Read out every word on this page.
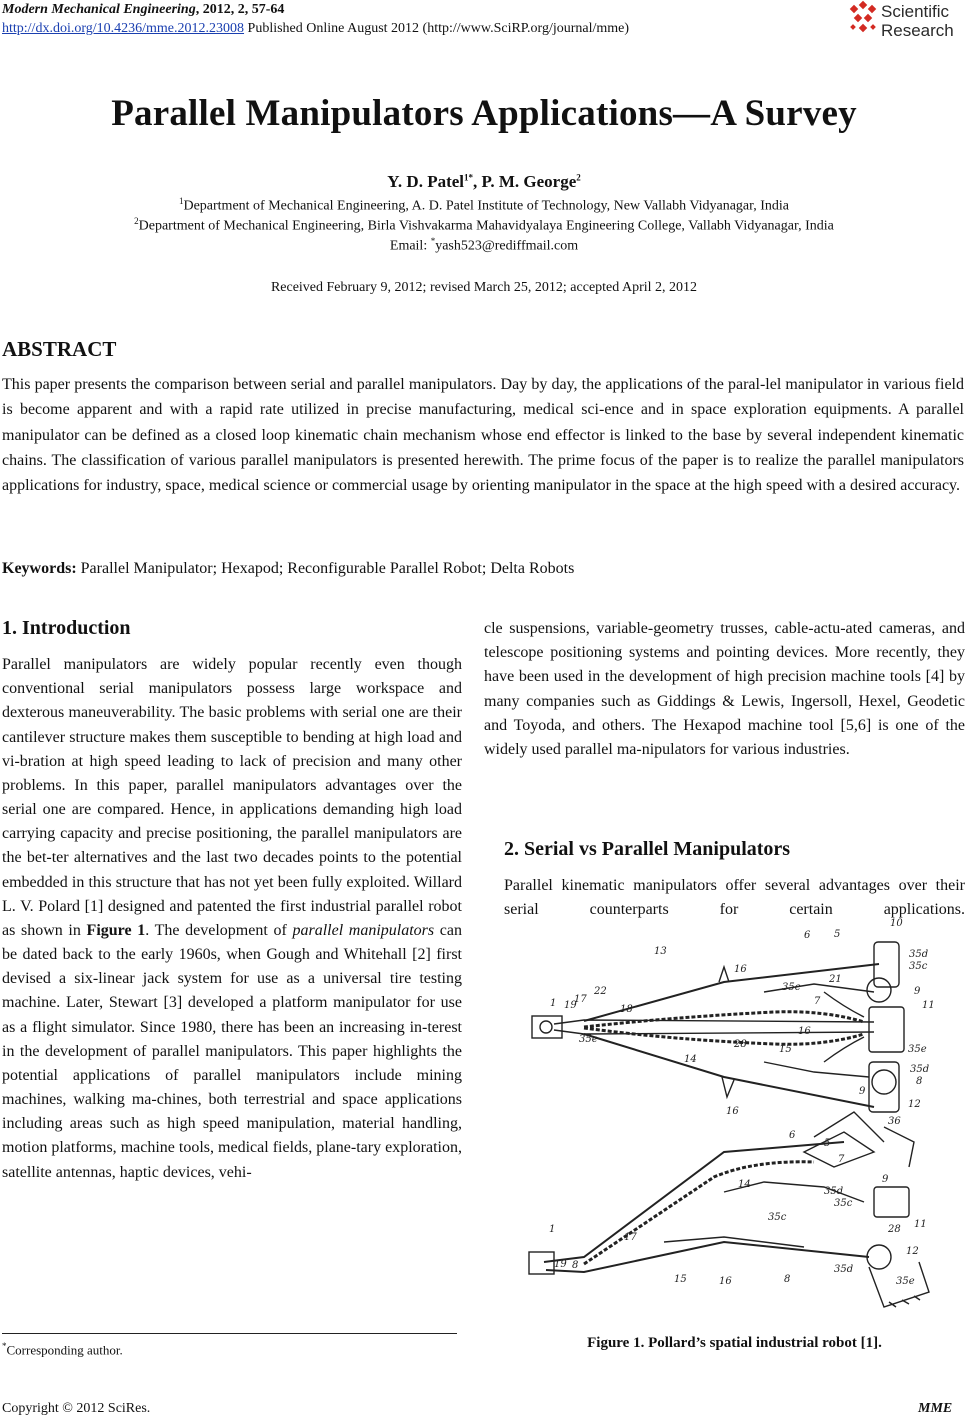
Modern Mechanical Engineering, 2012, 2, 57-64
http://dx.doi.org/10.4236/mme.2012.23008 Published Online August 2012 (http://www.SciRP.org/journal/mme)
Scientific
Research
Parallel Manipulators Applications—A Survey
Y. D. Patel$^{1*}$, P. M. George$^2$
$^1$Department of Mechanical Engineering, A. D. Patel Institute of Technology, New Vallabh Vidyanagar, India
$^2$Department of Mechanical Engineering, Birla Vishvakarma Mahavidyalaya Engineering College, Vallabh Vidyanagar, India
Email: *yash523@rediffmail.com
Received February 9, 2012; revised March 25, 2012; accepted April 2, 2012
ABSTRACT
This paper presents the comparison between serial and parallel manipulators. Day by day, the applications of the paral-lel manipulator in various field is become apparent and with a rapid rate utilized in precise manufacturing, medical sci-ence and in space exploration equipments. A parallel manipulator can be defined as a closed loop kinematic chain mechanism whose end effector is linked to the base by several independent kinematic chains. The classification of various parallel manipulators is presented herewith. The prime focus of the paper is to realize the parallel manipulators applications for industry, space, medical science or commercial usage by orienting manipulator in the space at the high speed with a desired accuracy.
Keywords: Parallel Manipulator; Hexapod; Reconfigurable Parallel Robot; Delta Robots
1. Introduction
Parallel manipulators are widely popular recently even though conventional serial manipulators possess large workspace and dexterous maneuverability. The basic problems with serial one are their cantilever structure makes them susceptible to bending at high load and vi-bration at high speed leading to lack of precision and many other problems. In this paper, parallel manipulators advantages over the serial one are compared. Hence, in applications demanding high load carrying capacity and precise positioning, the parallel manipulators are the bet-ter alternatives and the last two decades points to the potential embedded in this structure that has not yet been fully exploited. Willard L. V. Polard [1] designed and patented the first industrial parallel robot as shown in Figure 1. The development of parallel manipulators can be dated back to the early 1960s, when Gough and Whitehall [2] first devised a six-linear jack system for use as a universal tire testing machine. Later, Stewart [3] developed a platform manipulator for use as a flight simulator. Since 1980, there has been an increasing in-terest in the development of parallel manipulators. This paper highlights the potential applications of parallel manipulators include mining machines, walking ma-chines, both terrestrial and space applications including areas such as high speed manipulation, material handling, motion platforms, machine tools, medical fields, plane-tary exploration, satellite antennas, haptic devices, vehi-
cle suspensions, variable-geometry trusses, cable-actu-ated cameras, and telescope positioning systems and pointing devices. More recently, they have been used in the development of high precision machine tools [4] by many companies such as Giddings & Lewis, Ingersoll, Hexel, Geodetic and Toyoda, and others. The Hexapod machine tool [5,6] is one of the widely used parallel ma-nipulators for various industries.
2. Serial vs Parallel Manipulators
Parallel kinematic manipulators offer several advantages over their serial counterparts for certain applications.
10
6 5
13	35d
35c
16
21
35c
22
17	7	11
1 19	18
9
16
35e
28
14
15
35e
35d
8
12
16
9
36
6
5
7
35d
35c
9
14
35c
1	11
17
28
19 8
12
35d
35e
16
15	8
Figure 1. Pollard’s spatial industrial robot [1].
*Corresponding author.
Copyright © 2012 SciRes.	MME
